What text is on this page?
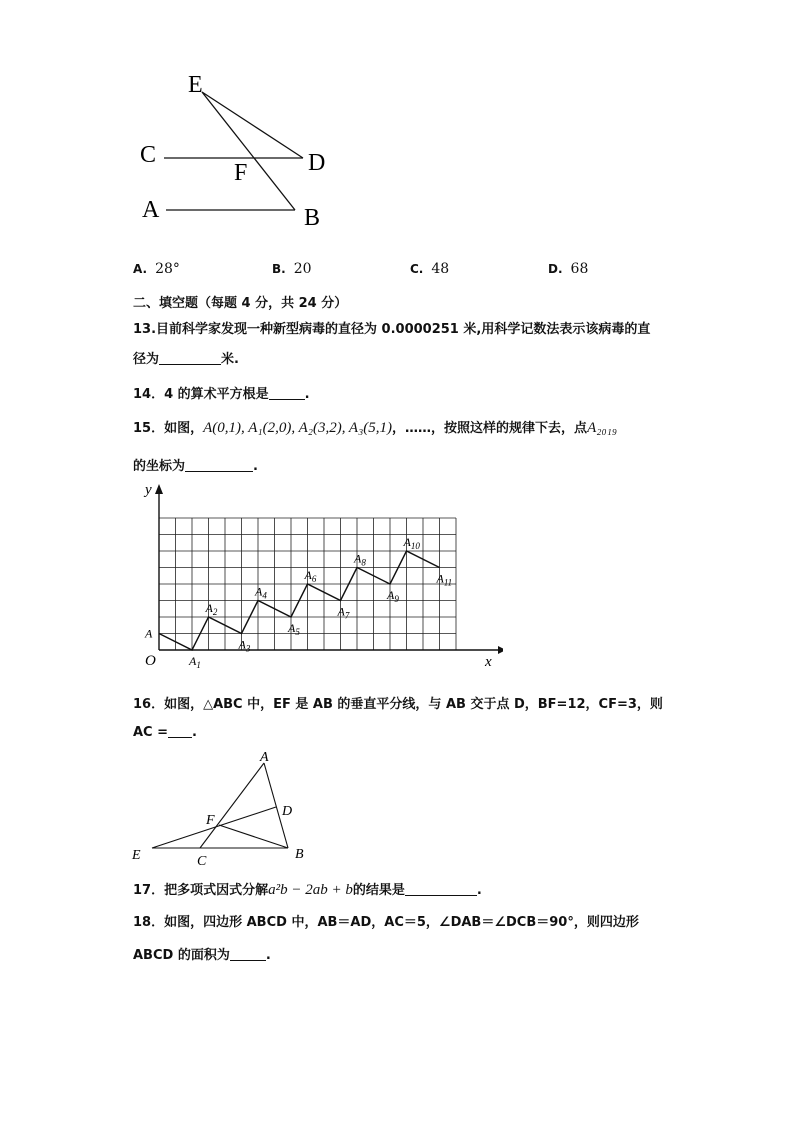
E
C
F	D
A	B
A. 28°	B. 20	C. 48	D. 68
二、填空题（每题 4 分，共 24 分）
13.目前科学家发现一种新型病毒的直径为 0.0000251 米,用科学记数法表示该病毒的直
径为	米.
14．4 的算术平方根是	.
15．如图，A(0,1), A₁(2,0), A₂(3,2), A₃(5,1)，……，按照这样的规律下去，点A₂₀₁₉
的坐标为	.
x
y
O
A
$A_1$
$A_2$
$A_3$
$A_4$
$A_5$
$A_6$
$A_7$
$A_8$
$A_9$
$A_{10}$
$A_{11}$
16．如图，△ABC 中，EF 是 AB 的垂直平分线，与 AB 交于点 D，BF=12，CF=3，则
AC = .
A
D
F
E	C	B
17．把多项式因式分解a²b − 2ab + b的结果是	.
18．如图，四边形 ABCD 中，AB＝AD，AC＝5，∠DAB＝∠DCB＝90°，则四边形
ABCD 的面积为	.
